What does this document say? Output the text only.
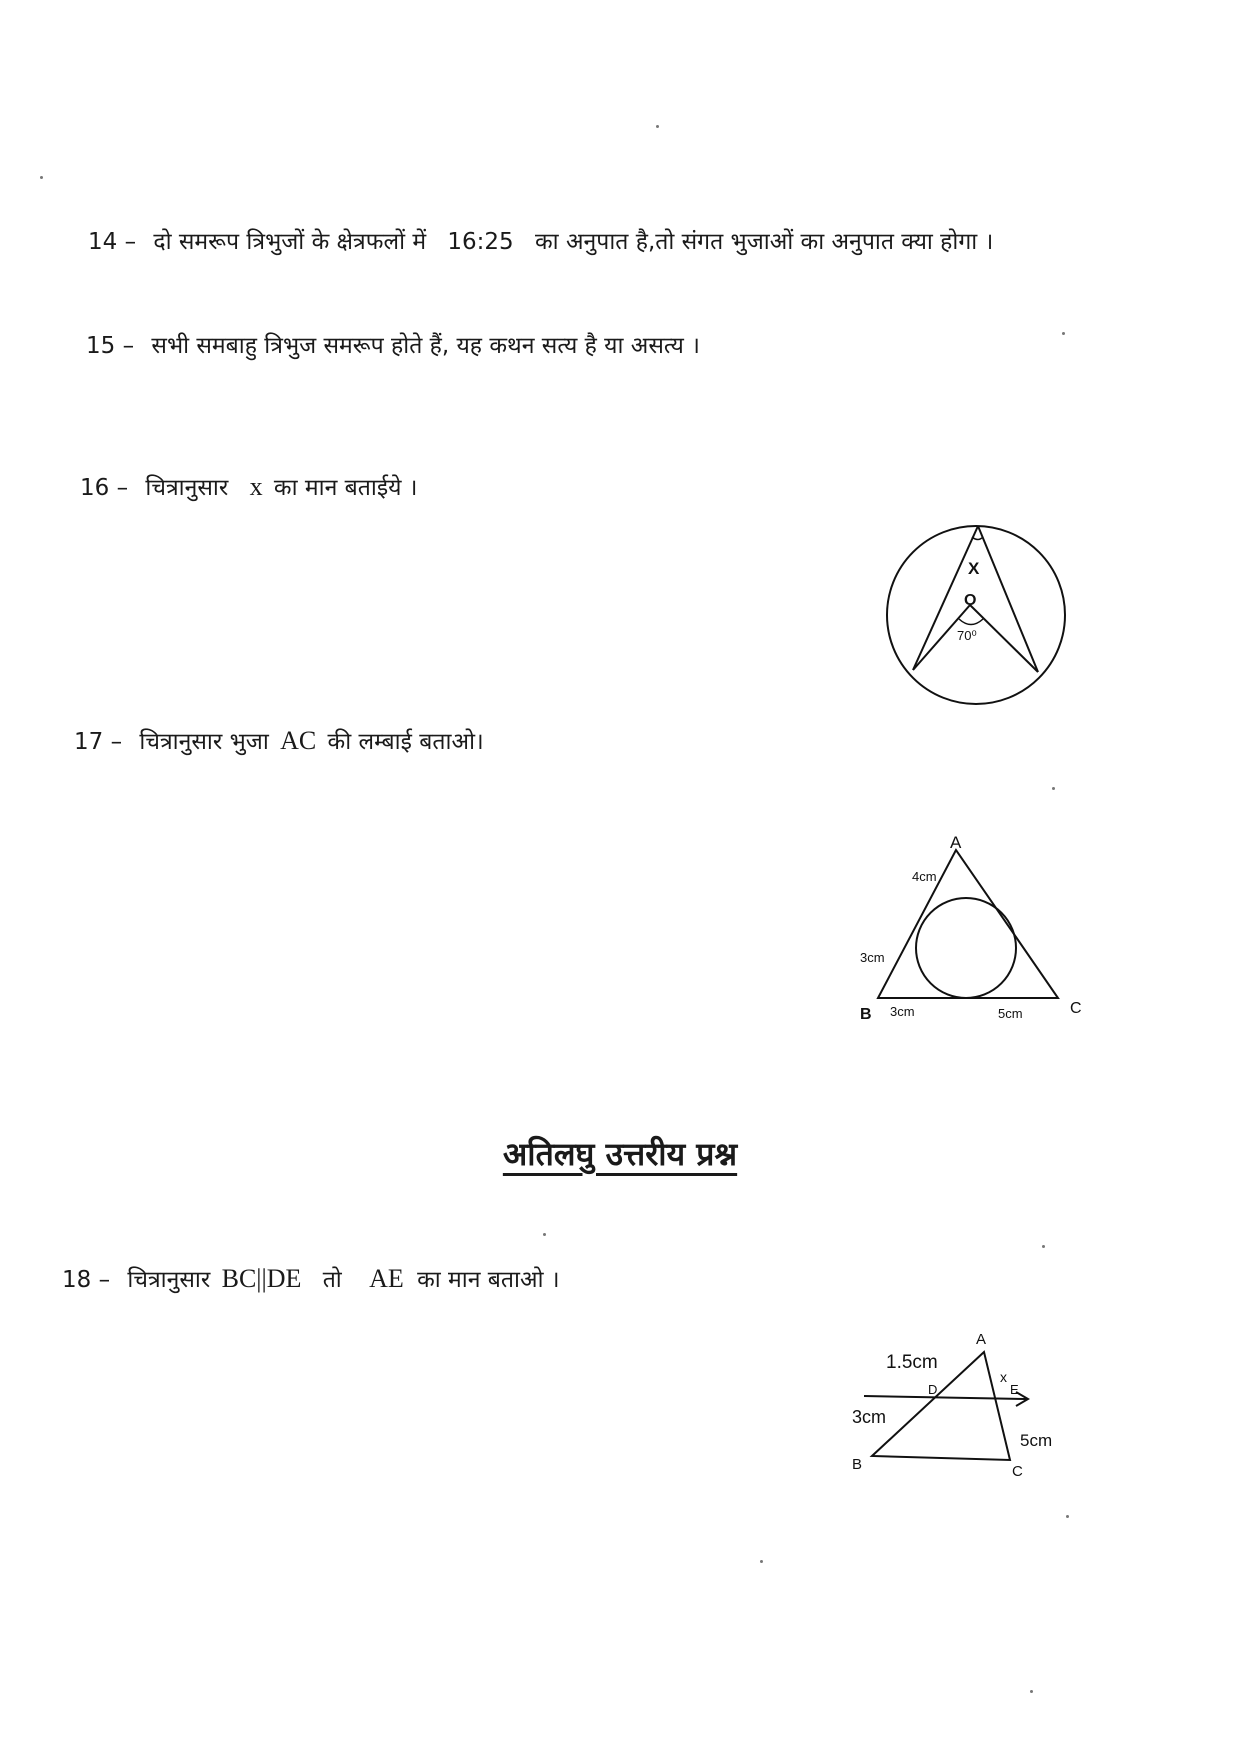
14 – दो समरूप त्रिभुजों के क्षेत्रफलों में 16:25 का अनुपात है,तो संगत भुजाओं का अनुपात क्या होगा ।
15 – सभी समबाहु त्रिभुज समरूप होते हैं, यह कथन सत्य है या असत्य ।
16 – चित्रानुसार x का मान बताईये ।
X
O
70⁰
17 – चित्रानुसार भुजा AC की लम्बाई बताओ।
A
B	C
4cm
3cm
3cm	5cm
अतिलघु उत्तरीय प्रश्न
18 – चित्रानुसार BC||DE तो AE का मान बताओ ।
A
x
D	E
B	C
1.5cm
3cm
5cm
